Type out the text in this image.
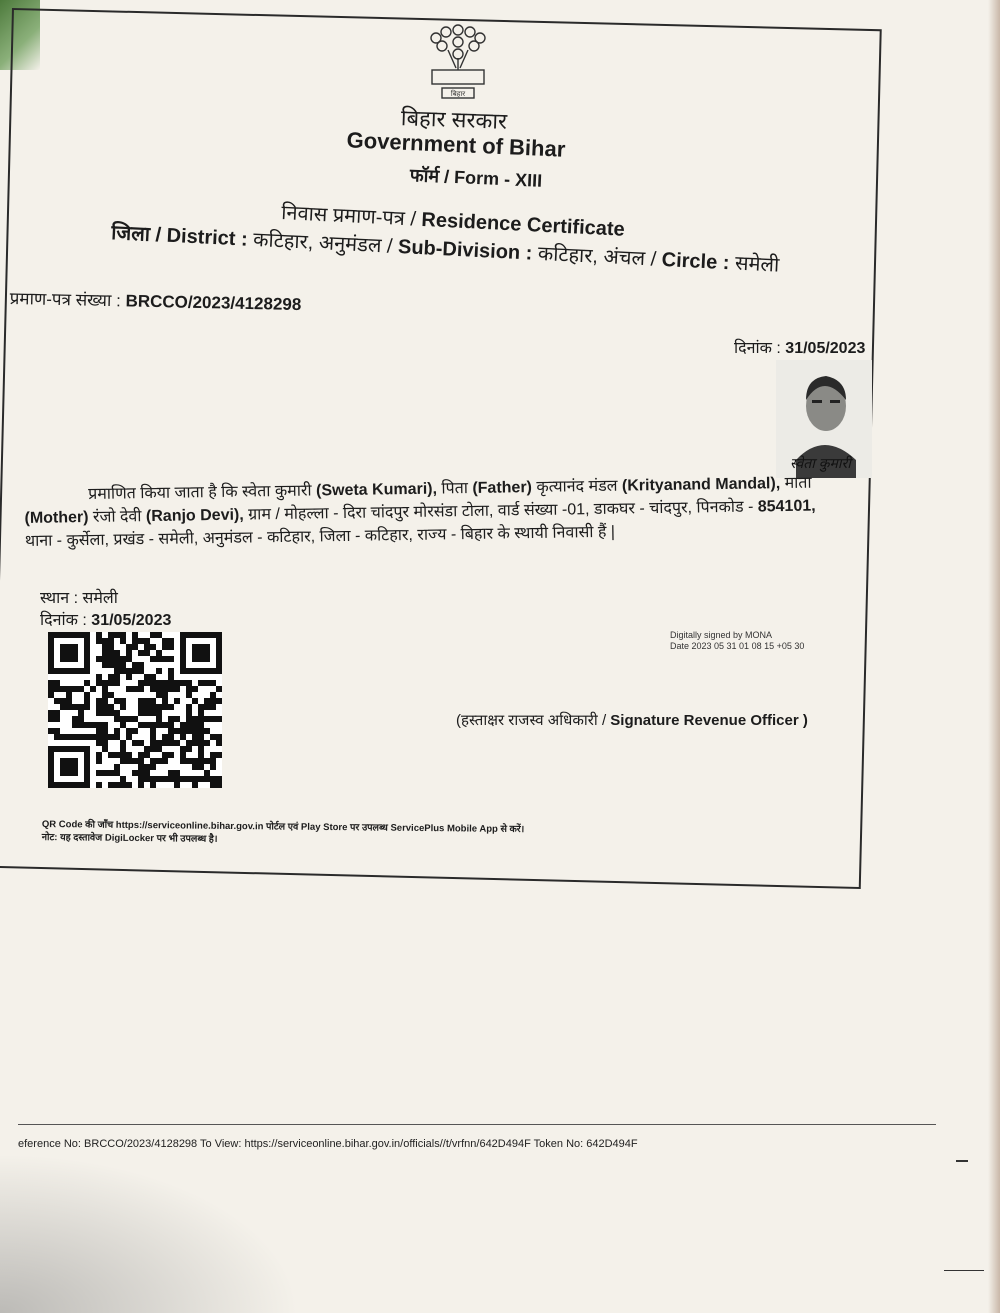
बिहार
बिहार सरकार
Government of Bihar
फॉर्म / Form - XIII
निवास प्रमाण-पत्र / Residence Certificate
जिला / District : कटिहार, अनुमंडल / Sub-Division : कटिहार, अंचल / Circle : समेली
प्रमाण-पत्र संख्या : BRCCO/2023/4128298
दिनांक : 31/05/2023
स्वेता कुमारी
प्रमाणित किया जाता है कि स्वेता कुमारी (Sweta Kumari), पिता (Father) कृत्यानंद मंडल (Krityanand Mandal), माता
(Mother) रंजो देवी (Ranjo Devi), ग्राम / मोहल्ला - दिरा चांदपुर मोरसंडा टोला, वार्ड संख्या -01, डाकघर - चांदपुर, पिनकोड - 854101,
थाना - कुर्सेला, प्रखंड - समेली, अनुमंडल - कटिहार, जिला - कटिहार, राज्य - बिहार के स्थायी निवासी हैं |
स्थान : समेली
दिनांक : 31/05/2023
Digitally signed by MONA
Date 2023 05 31 01 08 15 +05 30
(हस्ताक्षर राजस्व अधिकारी / Signature Revenue Officer )
QR Code की जाँच https://serviceonline.bihar.gov.in पोर्टल एवं Play Store पर उपलब्ध ServicePlus Mobile App से करें।
नोट: यह दस्तावेज DigiLocker पर भी उपलब्ध है।
eference No: BRCCO/2023/4128298 To View: https://serviceonline.bihar.gov.in/officials//t/vrfnn/642D494F Token No: 642D494F
